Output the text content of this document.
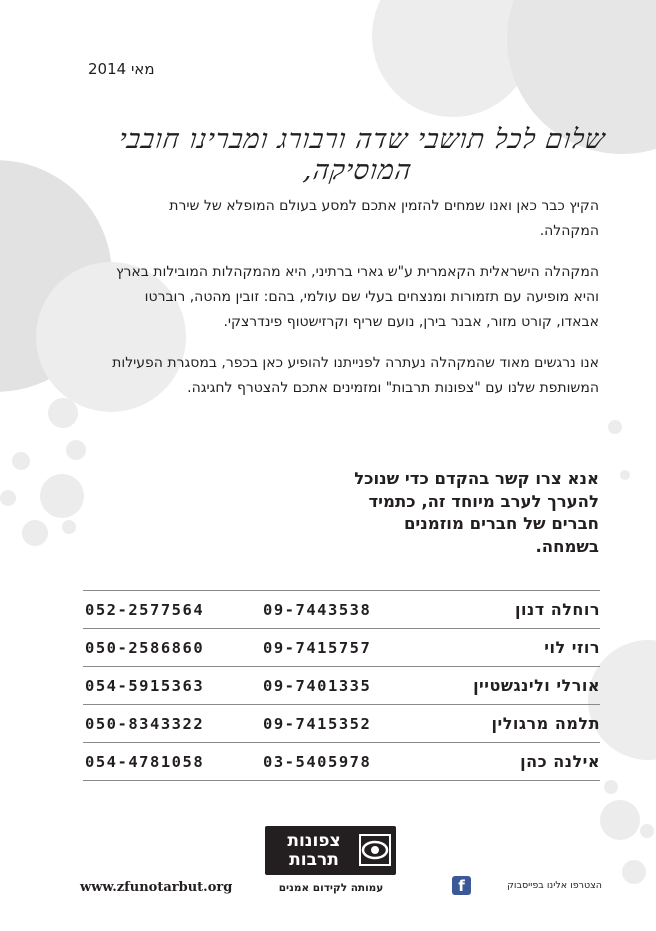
מאי 2014
שלום לכל תושבי שדה ורבורג ומברינו חובבי המוסיקה,

הקיץ כבר כאן ואנו שמחים להזמין אתכם למסע בעולם המופלא של שירת המקהלה.

המקהלה הישראלית הקאמרית ע"ש גארי ברתיני, היא מהמקהלות המובילות בארץ והיא מופיעה עם תזמורות ומנצחים בעלי שם עולמי, בהם: זובין מהטה, רוברטו אבאדו, קורט מזור, אבנר בירן, נועם שריף וקרזישטוף פינדרצקי.

אנו נרגשים מאוד שהמקהלה נעתרה לפנייתנו להופיע כאן בכפר, במסגרת הפעילות המשותפת שלנו עם "צפונות תרבות" ומזמינים אתכם להצטרף לחגיגה.

אנא צרו קשר בהקדם כדי שנוכל
להערך לערב מיוחד זה, כתמיד
חברים של חברים מוזמנים
בשמחה.
רוחלה דנון
09-7443538
052-2577564
רוזי לוי
09-7415757
050-2586860
אורלי ולינגשטיין
09-7401335
054-5915363
תלמה מרגולין
09-7415352
050-8343322
אילנה כהן
03-5405978
054-4781058
צפונות
תרבות
עמותה לקידום אמנים
www.zfunotarbut.org	f	הצטרפו אלינו בפייסבוק
